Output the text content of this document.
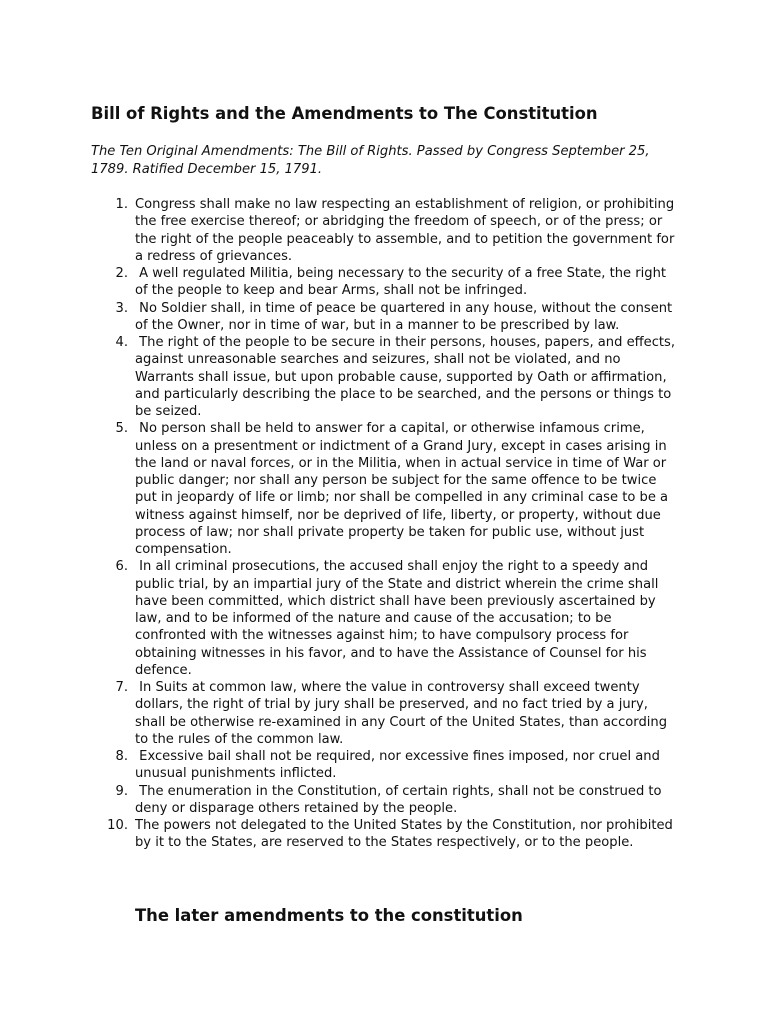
Bill of Rights and the Amendments to The Constitution

The Ten Original Amendments: The Bill of Rights. Passed by Congress September 25, 1789. Ratified December 15, 1791.

1. Congress shall make no law respecting an establishment of religion, or prohibiting the free exercise thereof; or abridging the freedom of speech, or of the press; or the right of the people peaceably to assemble, and to petition the government for a redress of grievances.
2. A well regulated Militia, being necessary to the security of a free State, the right of the people to keep and bear Arms, shall not be infringed.
3. No Soldier shall, in time of peace be quartered in any house, without the consent of the Owner, nor in time of war, but in a manner to be prescribed by law.
4. The right of the people to be secure in their persons, houses, papers, and effects, against unreasonable searches and seizures, shall not be violated, and no Warrants shall issue, but upon probable cause, supported by Oath or affirmation, and particularly describing the place to be searched, and the persons or things to be seized.
5. No person shall be held to answer for a capital, or otherwise infamous crime, unless on a presentment or indictment of a Grand Jury, except in cases arising in the land or naval forces, or in the Militia, when in actual service in time of War or public danger; nor shall any person be subject for the same offence to be twice put in jeopardy of life or limb; nor shall be compelled in any criminal case to be a witness against himself, nor be deprived of life, liberty, or property, without due process of law; nor shall private property be taken for public use, without just compensation.
6. In all criminal prosecutions, the accused shall enjoy the right to a speedy and public trial, by an impartial jury of the State and district wherein the crime shall have been committed, which district shall have been previously ascertained by law, and to be informed of the nature and cause of the accusation; to be confronted with the witnesses against him; to have compulsory process for obtaining witnesses in his favor, and to have the Assistance of Counsel for his defence.
7. In Suits at common law, where the value in controversy shall exceed twenty dollars, the right of trial by jury shall be preserved, and no fact tried by a jury, shall be otherwise re-examined in any Court of the United States, than according to the rules of the common law.
8. Excessive bail shall not be required, nor excessive fines imposed, nor cruel and unusual punishments inflicted.
9. The enumeration in the Constitution, of certain rights, shall not be construed to deny or disparage others retained by the people.
10. The powers not delegated to the United States by the Constitution, nor prohibited by it to the States, are reserved to the States respectively, or to the people.
The later amendments to the constitution
